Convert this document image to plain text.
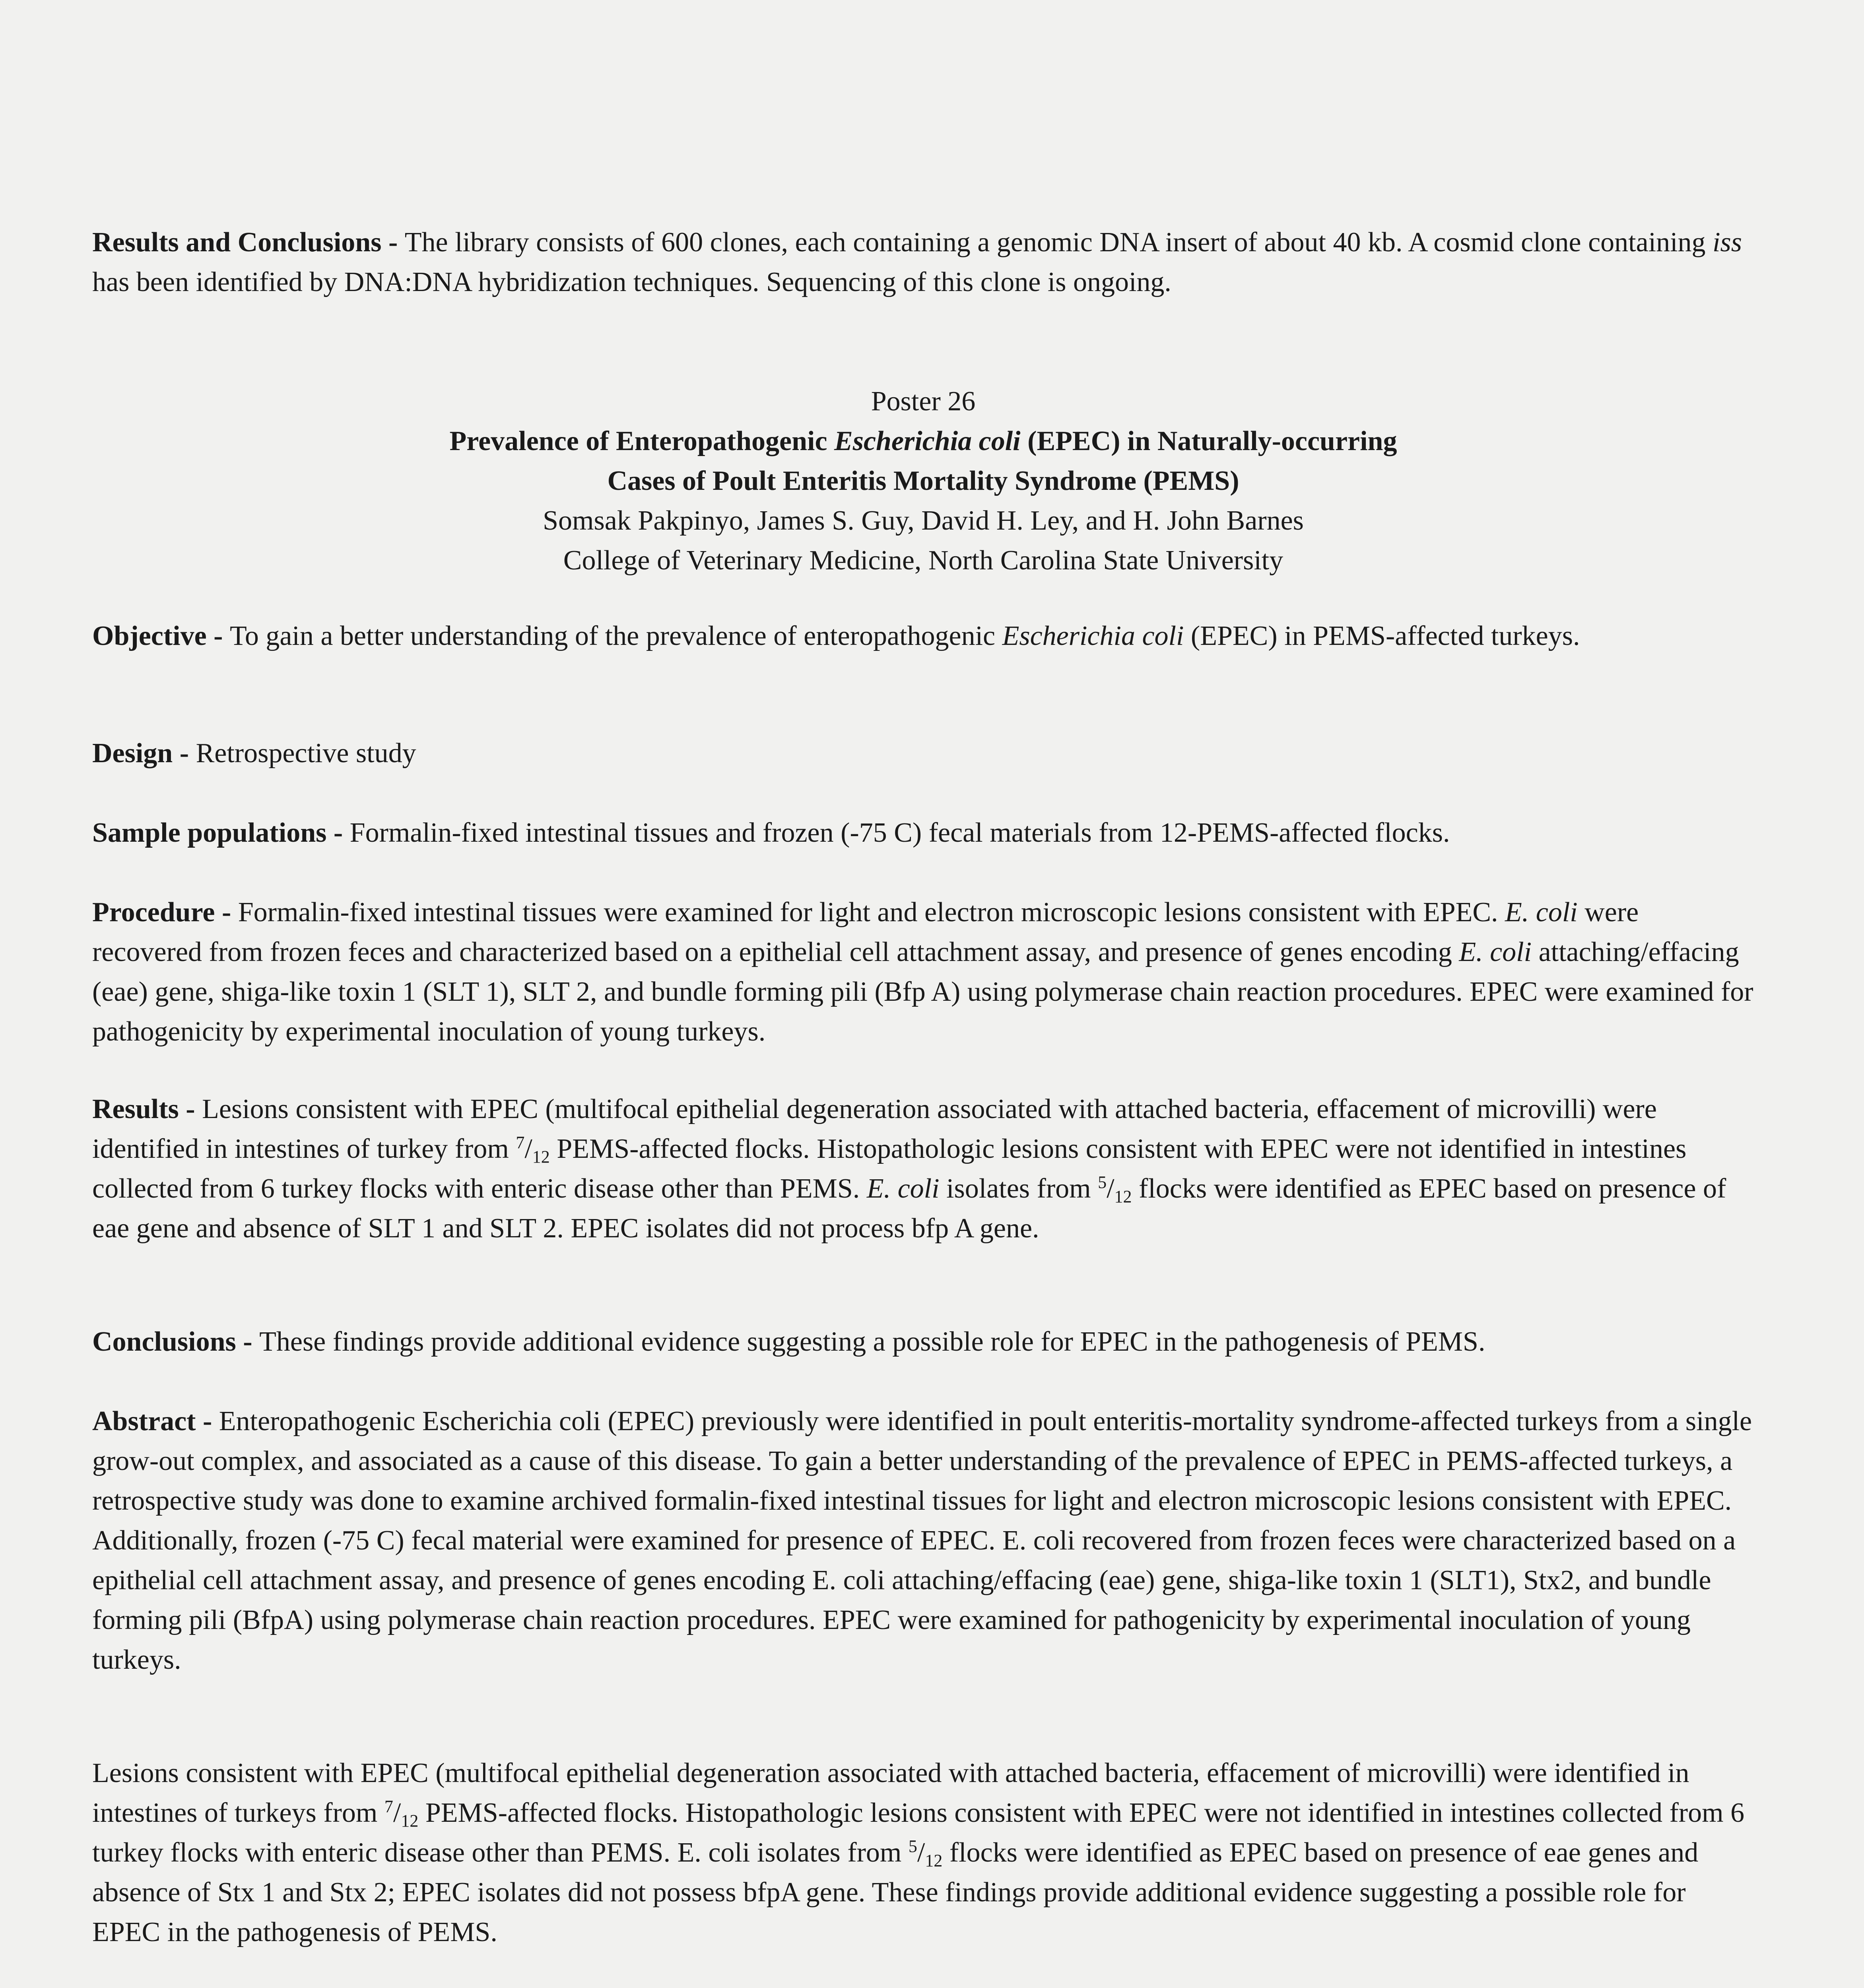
Results and Conclusions - The library consists of 600 clones, each containing a genomic DNA insert of about 40 kb. A cosmid clone containing iss has been identified by DNA:DNA hybridization techniques. Sequencing of this clone is ongoing.

Poster 26
Prevalence of Enteropathogenic Escherichia coli (EPEC) in Naturally-occurring
Cases of Poult Enteritis Mortality Syndrome (PEMS)
Somsak Pakpinyo, James S. Guy, David H. Ley, and H. John Barnes
College of Veterinary Medicine, North Carolina State University

Objective - To gain a better understanding of the prevalence of enteropathogenic Escherichia coli (EPEC) in PEMS-affected turkeys.

Design - Retrospective study

Sample populations - Formalin-fixed intestinal tissues and frozen (-75 C) fecal materials from 12-PEMS-affected flocks.

Procedure - Formalin-fixed intestinal tissues were examined for light and electron microscopic lesions consistent with EPEC. E. coli were recovered from frozen feces and characterized based on a epithelial cell attachment assay, and presence of genes encoding E. coli attaching/effacing (eae) gene, shiga-like toxin 1 (SLT 1), SLT 2, and bundle forming pili (Bfp A) using polymerase chain reaction procedures. EPEC were examined for pathogenicity by experimental inoculation of young turkeys.

Results - Lesions consistent with EPEC (multifocal epithelial degeneration associated with attached bacteria, effacement of microvilli) were identified in intestines of turkey from $^7/_{12}$ PEMS-affected flocks. Histopathologic lesions consistent with EPEC were not identified in intestines collected from 6 turkey flocks with enteric disease other than PEMS. E. coli isolates from $^5/_{12}$ flocks were identified as EPEC based on presence of eae gene and absence of SLT 1 and SLT 2. EPEC isolates did not process bfp A gene.

Conclusions - These findings provide additional evidence suggesting a possible role for EPEC in the pathogenesis of PEMS.

Abstract - Enteropathogenic Escherichia coli (EPEC) previously were identified in poult enteritis-mortality syndrome-affected turkeys from a single grow-out complex, and associated as a cause of this disease. To gain a better understanding of the prevalence of EPEC in PEMS-affected turkeys, a retrospective study was done to examine archived formalin-fixed intestinal tissues for light and electron microscopic lesions consistent with EPEC. Additionally, frozen (-75 C) fecal material were examined for presence of EPEC. E. coli recovered from frozen feces were characterized based on a epithelial cell attachment assay, and presence of genes encoding E. coli attaching/effacing (eae) gene, shiga-like toxin 1 (SLT1), Stx2, and bundle forming pili (BfpA) using polymerase chain reaction procedures. EPEC were examined for pathogenicity by experimental inoculation of young turkeys.

Lesions consistent with EPEC (multifocal epithelial degeneration associated with attached bacteria, effacement of microvilli) were identified in intestines of turkeys from $^7/_{12}$ PEMS-affected flocks. Histopathologic lesions consistent with EPEC were not identified in intestines collected from 6 turkey flocks with enteric disease other than PEMS. E. coli isolates from $^5/_{12}$ flocks were identified as EPEC based on presence of eae genes and absence of Stx 1 and Stx 2; EPEC isolates did not possess bfpA gene. These findings provide additional evidence suggesting a possible role for EPEC in the pathogenesis of PEMS.
